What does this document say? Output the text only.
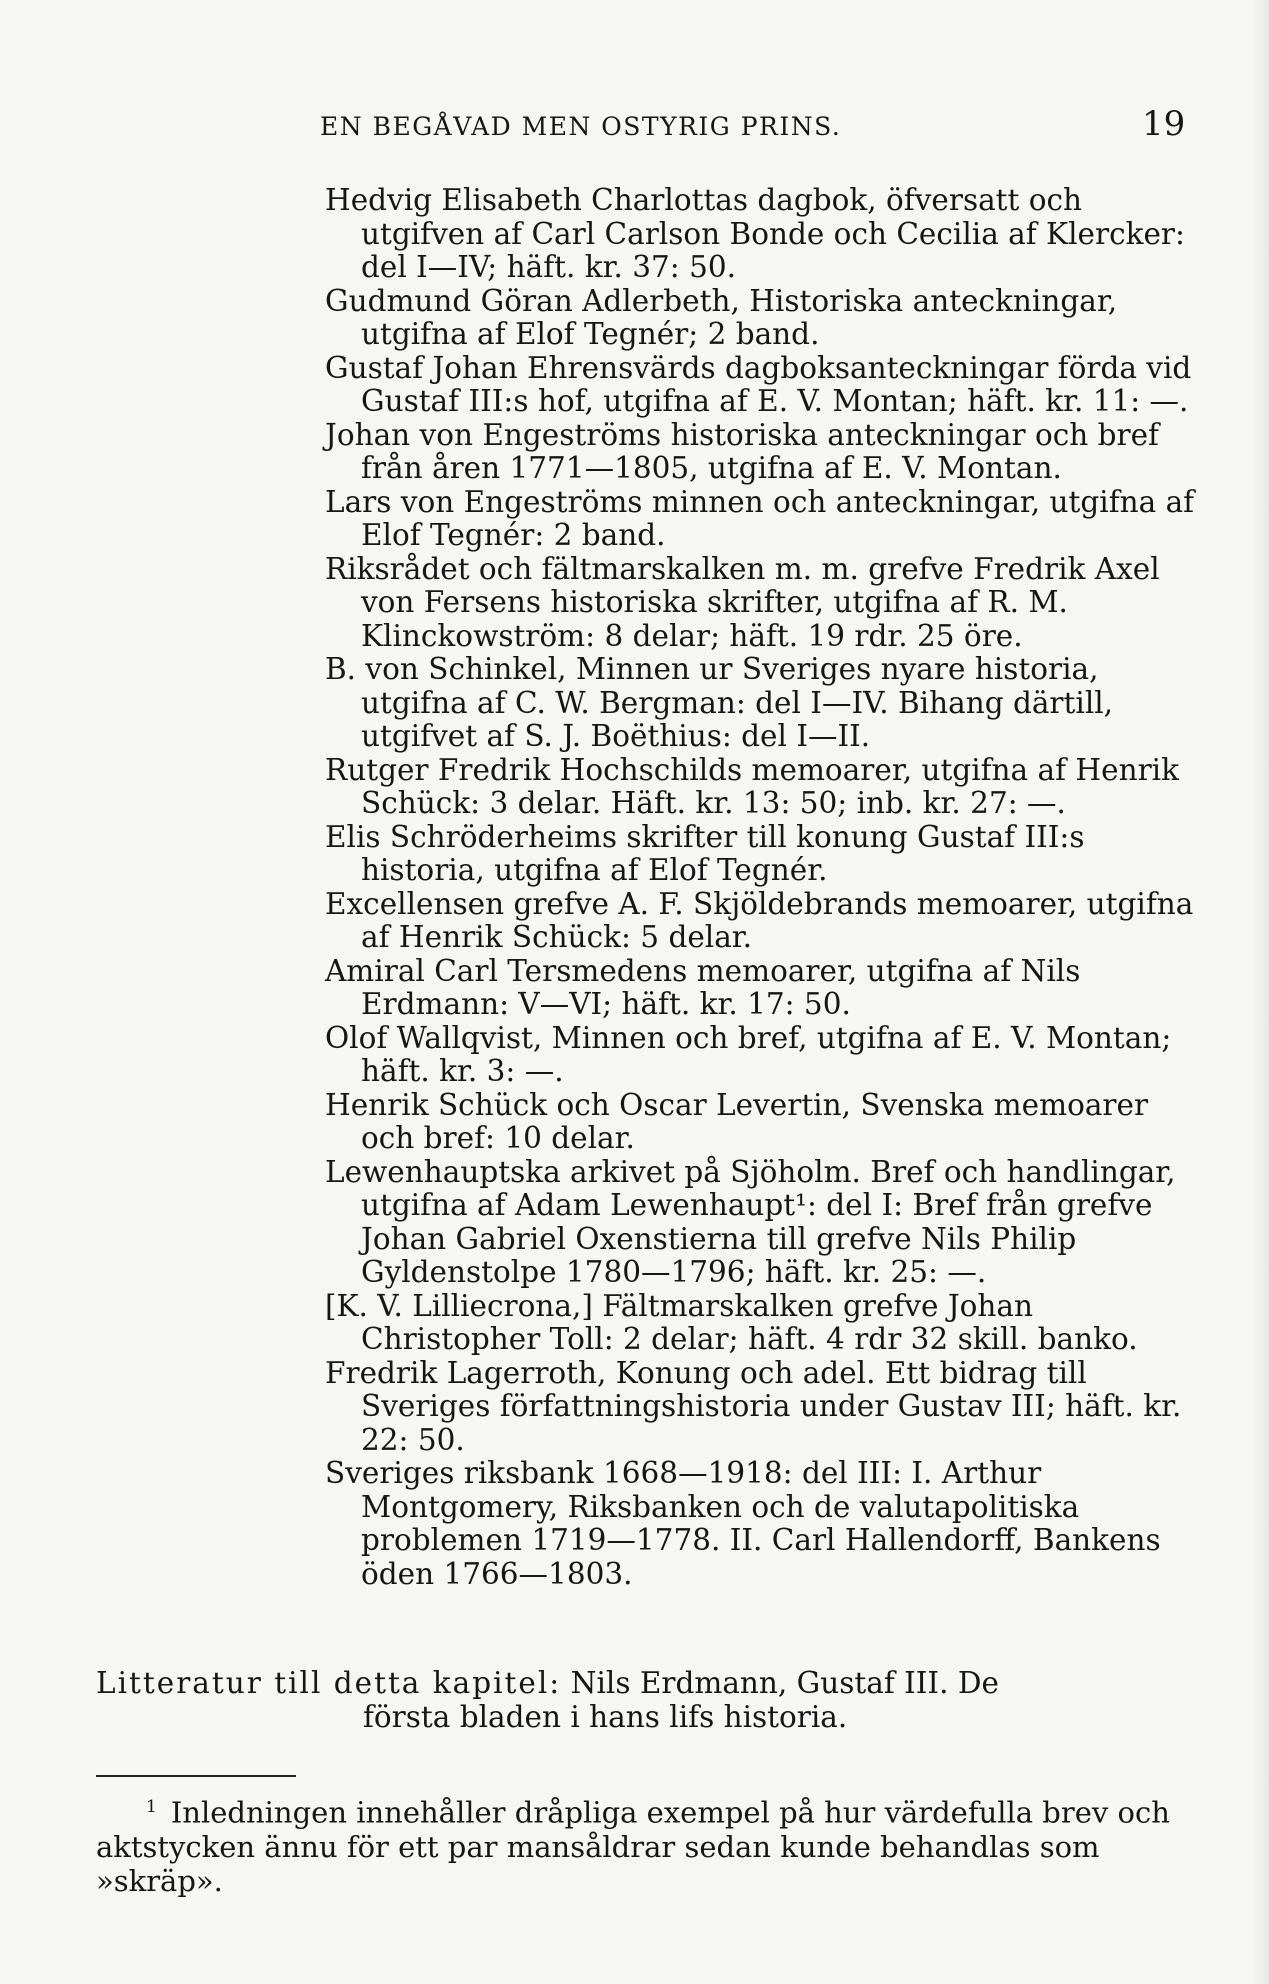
EN BEGÅVAD MEN OSTYRIG PRINS.	19
Hedvig Elisabeth Charlottas dagbok, öfversatt och utgifven af Carl Carlson Bonde och Cecilia af Klercker: del I—IV; häft. kr. 37: 50.
Gudmund Göran Adlerbeth, Historiska anteckningar, utgifna af Elof Tegnér; 2 band.
Gustaf Johan Ehrensvärds dagboksanteckningar förda vid Gustaf III:s hof, utgifna af E. V. Montan; häft. kr. 11: —.
Johan von Engeströms historiska anteckningar och bref från åren 1771—1805, utgifna af E. V. Montan.
Lars von Engeströms minnen och anteckningar, utgifna af Elof Tegnér: 2 band.
Riksrådet och fältmarskalken m. m. grefve Fredrik Axel von Fersens historiska skrifter, utgifna af R. M. Klinckowström: 8 delar; häft. 19 rdr. 25 öre.
B. von Schinkel, Minnen ur Sveriges nyare historia, utgifna af C. W. Bergman: del I—IV. Bihang därtill, utgifvet af S. J. Boëthius: del I—II.
Rutger Fredrik Hochschilds memoarer, utgifna af Henrik Schück: 3 delar. Häft. kr. 13: 50; inb. kr. 27: —.
Elis Schröderheims skrifter till konung Gustaf III:s historia, utgifna af Elof Tegnér.
Excellensen grefve A. F. Skjöldebrands memoarer, utgifna af Henrik Schück: 5 delar.
Amiral Carl Tersmedens memoarer, utgifna af Nils Erdmann: V—VI; häft. kr. 17: 50.
Olof Wallqvist, Minnen och bref, utgifna af E. V. Montan; häft. kr. 3: —.
Henrik Schück och Oscar Levertin, Svenska memoarer och bref: 10 delar.
Lewenhauptska arkivet på Sjöholm. Bref och handlingar, utgifna af Adam Lewenhaupt¹: del I: Bref från grefve Johan Gabriel Oxenstierna till grefve Nils Philip Gyldenstolpe 1780—1796; häft. kr. 25: —.
[K. V. Lilliecrona,] Fältmarskalken grefve Johan Christopher Toll: 2 delar; häft. 4 rdr 32 skill. banko.
Fredrik Lagerroth, Konung och adel. Ett bidrag till Sveriges författningshistoria under Gustav III; häft. kr. 22: 50.
Sveriges riksbank 1668—1918: del III: I. Arthur Montgomery, Riksbanken och de valutapolitiska problemen 1719—1778. II. Carl Hallendorff, Bankens öden 1766—1803.
Litteratur till detta kapitel: Nils Erdmann, Gustaf III. De
första bladen i hans lifs historia.
$^1$ Inledningen innehåller dråpliga exempel på hur värdefulla brev och aktstycken ännu för ett par mansåldrar sedan kunde behandlas som »skräp».
